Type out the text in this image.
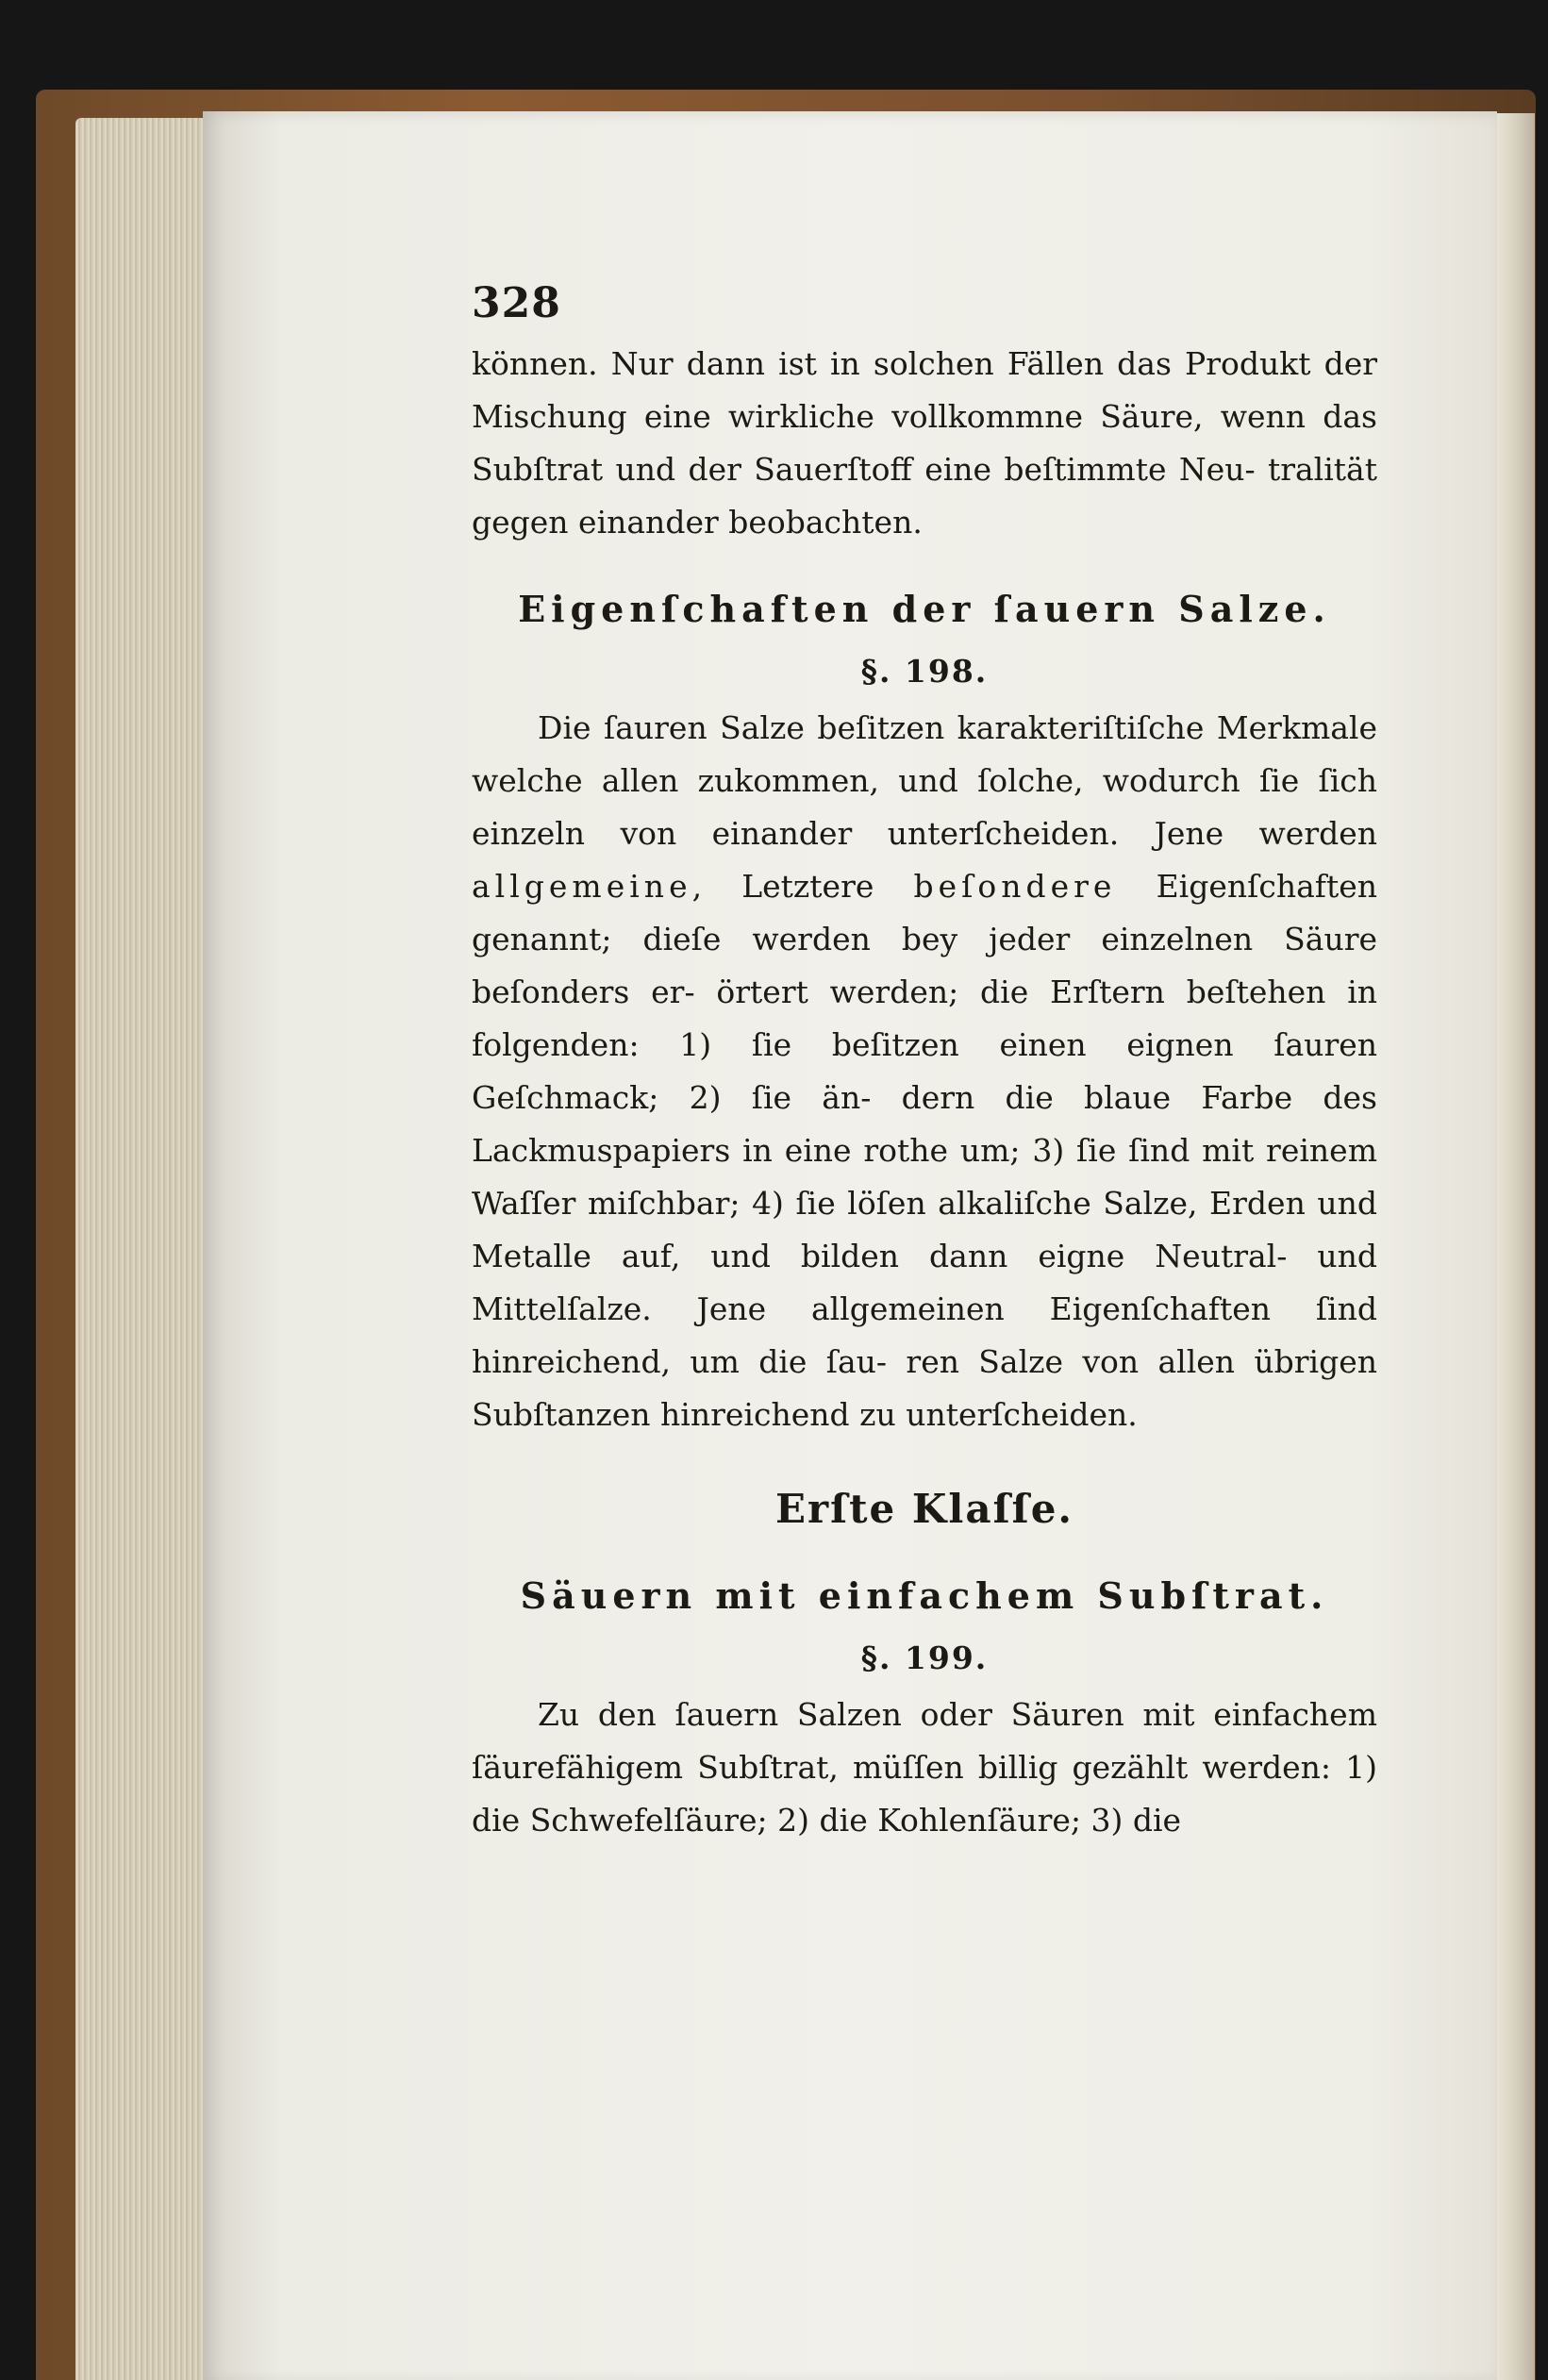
328

können. Nur dann ist in solchen Fällen das Produkt der Mischung eine wirkliche vollkommne Säure, wenn das Subſtrat und der Sauerſtoff eine beſtimmte Neu- tralität gegen einander beobachten.

Eigenſchaften der ſauern Salze.
§. 198.

Die ſauren Salze beſitzen karakteriſtiſche Merkmale welche allen zukommen, und ſolche, wodurch ſie ſich einzeln von einander unterſcheiden. Jene werden allgemeine, Letztere beſondere Eigenſchaften genannt; dieſe werden bey jeder einzelnen Säure beſonders er- örtert werden; die Erſtern beſtehen in folgenden: 1) ſie beſitzen einen eignen ſauren Geſchmack; 2) ſie än- dern die blaue Farbe des Lackmuspapiers in eine rothe um; 3) ſie ſind mit reinem Waſſer miſchbar; 4) ſie löſen alkaliſche Salze, Erden und Metalle auf, und bilden dann eigne Neutral- und Mittelſalze. Jene allgemeinen Eigenſchaften ſind hinreichend, um die ſau- ren Salze von allen übrigen Subſtanzen hinreichend zu unterſcheiden.

Erſte Klaſſe.
Säuern mit einfachem Subſtrat.
§. 199.

Zu den ſauern Salzen oder Säuren mit einfachem ſäurefähigem Subſtrat, müſſen billig gezählt werden: 1) die Schwefelſäure; 2) die Kohlenſäure; 3) die
